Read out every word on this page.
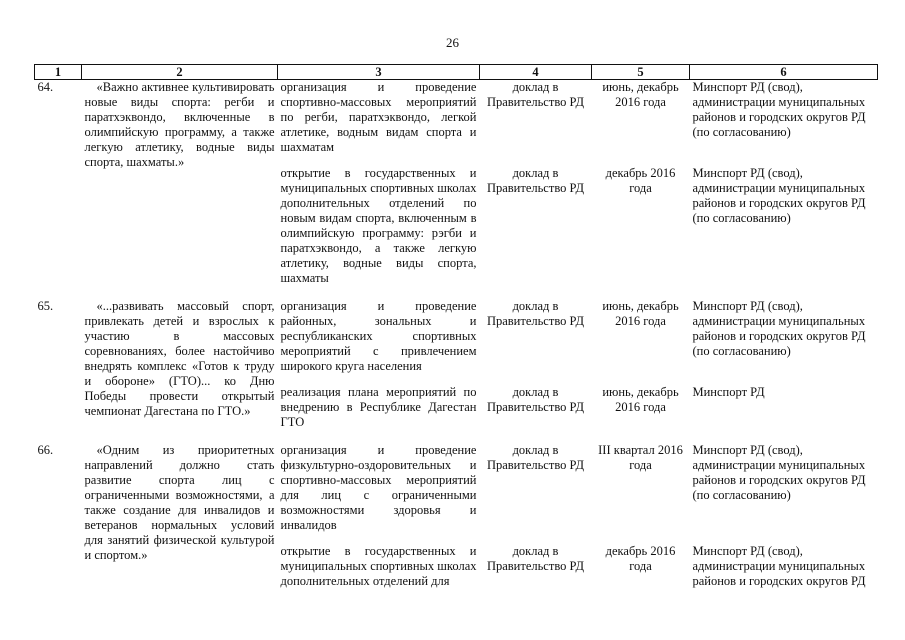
26
1	2	3	4	5	6
64.	«Важно активнее культивировать новые виды спорта: регби и паратхэквондо, включенные в олимпийскую программу, а также легкую атлетику, водные виды спорта, шахматы.»	организация и проведение спортивно-массовых мероприятий по регби, паратхэквондо, легкой атлетике, водным видам спорта и шахматам	доклад в Правительство РД	июнь, декабрь 2016 года	Минспорт РД (свод), администрации муниципальных районов и городских округов РД (по согласованию)
		открытие в государственных и муниципальных спортивных школах дополнительных отделений по новым видам спорта, включенным в олимпийскую программу: рэгби и паратхэквондо, а также легкую атлетику, водные виды спорта, шахматы	доклад в Правительство РД	декабрь 2016 года	Минспорт РД (свод), администрации муниципальных районов и городских округов РД (по согласованию)
65.	«...развивать массовый спорт, привлекать детей и взрослых к участию в массовых соревнованиях, более настойчиво внедрять комплекс «Готов к труду и обороне» (ГТО)... ко Дню Победы провести открытый чемпионат Дагестана по ГТО.»	организация и проведение районных, зональных и республиканских спортивных мероприятий с привлечением широкого круга населения	доклад в Правительство РД	июнь, декабрь 2016 года	Минспорт РД (свод), администрации муниципальных районов и городских округов РД (по согласованию)
		реализация плана мероприятий по внедрению в Республике Дагестан ГТО	доклад в Правительство РД	июнь, декабрь 2016 года	Минспорт РД
66.	«Одним из приоритетных направлений должно стать развитие спорта лиц с ограниченными возможностями, а также создание для инвалидов и ветеранов нормальных условий для занятий физической культурой и спортом.»	организация и проведение физкультурно-оздоровительных и спортивно-массовых мероприятий для лиц с ограниченными возможностями здоровья и инвалидов	доклад в Правительство РД	III квартал 2016 года	Минспорт РД (свод), администрации муниципальных районов и городских округов РД (по согласованию)
		открытие в государственных и муниципальных спортивных школах дополнительных отделений для	доклад в Правительство РД	декабрь 2016 года	Минспорт РД (свод), администрации муниципальных районов и городских округов РД
